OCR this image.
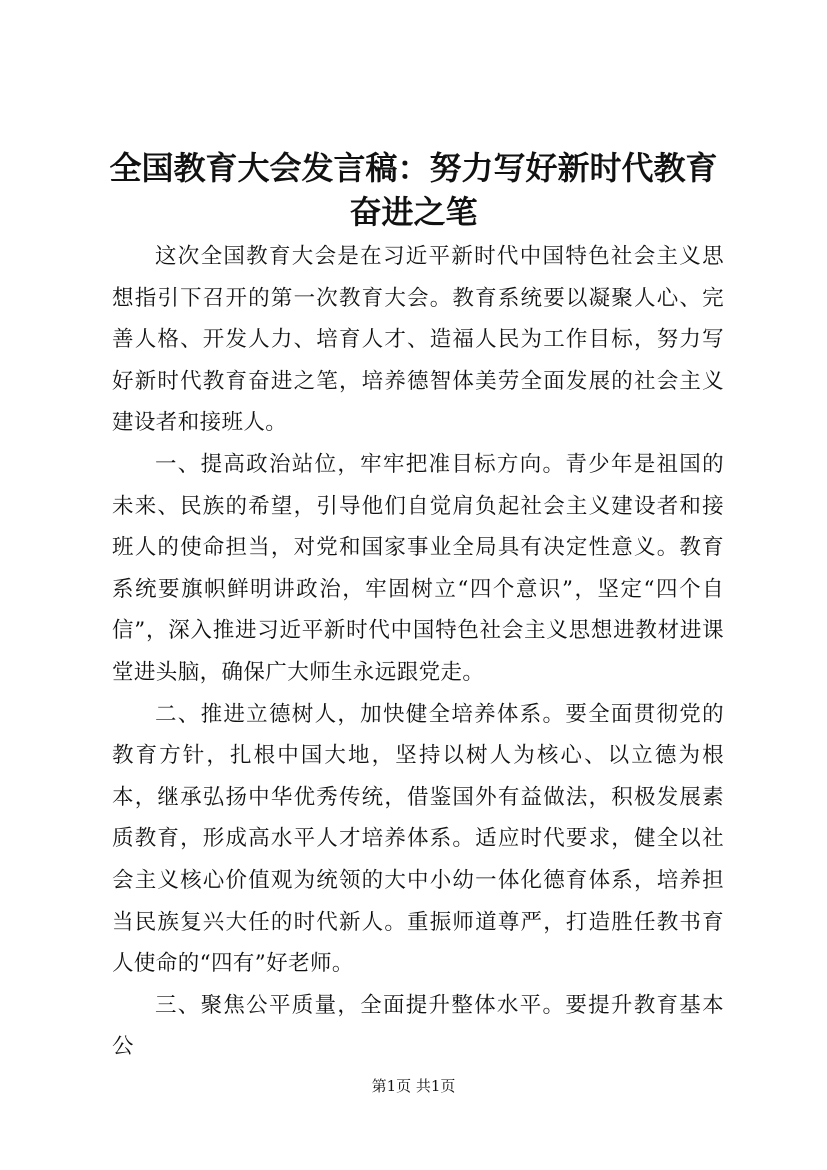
全国教育大会发言稿：努力写好新时代教育奋进之笔

这次全国教育大会是在习近平新时代中国特色社会主义思想指引下召开的第一次教育大会。教育系统要以凝聚人心、完善人格、开发人力、培育人才、造福人民为工作目标，努力写好新时代教育奋进之笔，培养德智体美劳全面发展的社会主义建设者和接班人。

一、提高政治站位，牢牢把准目标方向。青少年是祖国的未来、民族的希望，引导他们自觉肩负起社会主义建设者和接班人的使命担当，对党和国家事业全局具有决定性意义。教育系统要旗帜鲜明讲政治，牢固树立“四个意识”，坚定“四个自信”，深入推进习近平新时代中国特色社会主义思想进教材进课堂进头脑，确保广大师生永远跟党走。

二、推进立德树人，加快健全培养体系。要全面贯彻党的教育方针，扎根中国大地，坚持以树人为核心、以立德为根本，继承弘扬中华优秀传统，借鉴国外有益做法，积极发展素质教育，形成高水平人才培养体系。适应时代要求，健全以社会主义核心价值观为统领的大中小幼一体化德育体系，培养担当民族复兴大任的时代新人。重振师道尊严，打造胜任教书育人使命的“四有”好老师。

三、聚焦公平质量，全面提升整体水平。要提升教育基本公

第1页 共1页
